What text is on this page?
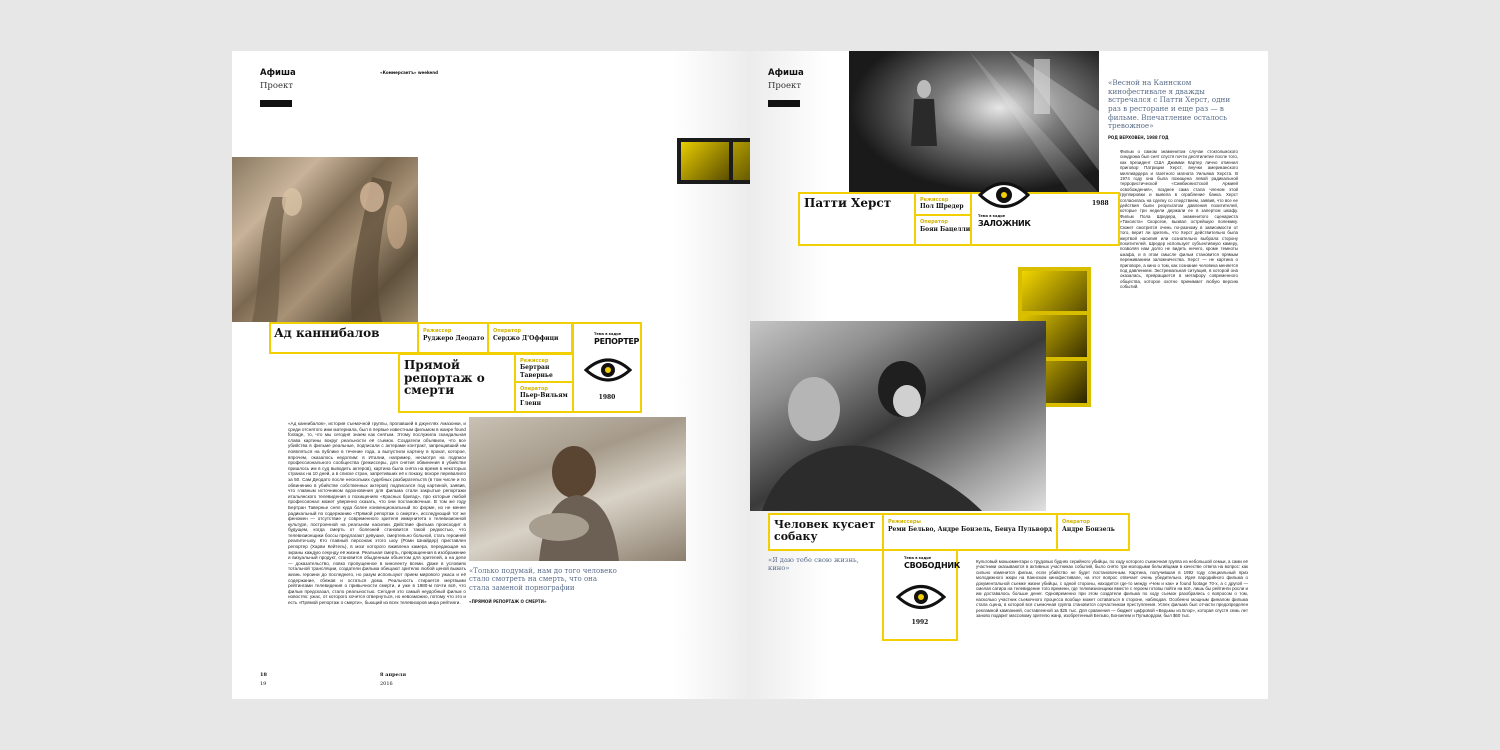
Афиша
Проект
«Коммерсантъ» weekend
Ад каннибалов	Режиссер
Руджеро Деодато
Оператор
Серджо Д'Оффици
Прямой репортаж о смерти
Режиссер
Бертран Тавернье
Оператор
Пьер-Вильям Гленн
Тема в кадре
РЕПОРТЕР
1980
«Ад каннибалов», история съемочной группы, пропавшей в джунглях Амазонки, и среди отснятого ими материала, был в первые известным фильмом в жанре found footage, то, что мы сегодня знаем как снятым. Этому послужила скандальная слава картины вокруг реальности её съемок. Создатели объявили, что все убийства в фильме реальные, подписали с актерами контракт, запрещавший им появляться на публике в течение года, а выпустили картину в прокат, которое, впрочем, оказалось недолгим: в Италии, например, несмотря на подписи профессионального сообщества (режиссеры, для снятия обвинения в убийстве пришлось им в суд выводить актеров), картина была снята на время в некоторых странах на 10 дней, а в списке стран, запретивших её к показу, вскоре перевалило за 50. Сам Деодато после нескольких судебных разбирательств (в том числе и по обвинению в убийстве собственных актеров) подписался под картиной, заявив, что главным источником вдохновения для фильма стали закрытые репортажи итальянского телевидения о похищениях «Красных бригад», про которые любой профессионал может уверенно сказать, что они постановочные. В том же году Бертран Тавернье снял куда более конвенциональный по форме, но не менее радикальный по содержанию «Прямой репортаж о смерти», исследующий тот же феномен — отсутствие у современного зрителя иммунитета к телевизионной культуре, построенной на реальном насилии. Действие фильма происходит в будущем, когда смерть от болезней становится такой редкостью, что телевизионщики боссы предлагают девушке, смертельно больной, стать героиней реалити-шоу. Кто главный персонаж этого шоу (Роми Шнайдер) приставлен репортер (Харви Кейтель), в мозг которого вживлена камера, передающая на экраны каждую секунду её жизни. Реальная смерть, превращенная в изображение и визуальный продукт, становится обыденным объектом для зрителей, а на деле — доказательство, ловко пропущенное в киноленту всеми. Даже в условиях тотальной трансляции, создатели фильма обещают зрителю любой ценой выжать жизнь героини до последнего, но разум используют прием мирового ужаса и её содержание, сбежав и остаться дома. Реальность стирается мертвыми рейтингами телевидения о привычности смерти, и уже в 1980-м почти всё, что фильм предсказал, стало реальностью. Сегодня это самый неудобный фильм о новостях: ужас, от которого хочется отвернуться, но невозможно, потому что это и есть «Прямой репортаж о смерти», бьющий из всех телевизоров мира рейтинги.
«Только подумай, нам до того человеко стало смотреть на смерть, что она стала заменой порнографии
«ПРЯМОЙ РЕПОРТАЖ О СМЕРТИ»
18
19
8 апреля
2016
Афиша
Проект	«Весной на Каннском кинофестивале я дважды встречался с Патти Херст, одни раз в ресторане и еще раз — в фильме. Впечатление осталось тревожное»
РОД ВЕРХОВЕН, 1988 ГОД
Патти Херст	Режиссер
Пол Шредер
Оператор
Боян Бацелли
Тема в кадре
ЗАЛОЖНИК
1988
Фильм о самом знаменитом случае стокгольмского синдрома был снят спустя почти десятилетие после того, как президент США Джимми Картер лично отменил приговор Патриции Херст, внучки американского миллиардера и газетного магната Уильяма Херста. В 1974 году она была похищена левой радикальной террористической «Симбионистской Армией освобождения», позднее сама стала членом этой группировки и вывела в ограбление банка. Херст согласилась на сделку со следствием, заявив, что все ее действия были результатом давления похитителей, которые три недели держали ее в запертом шкафу. Фильм Пола Шредера, знаменитого сценариста «Таксиста» Скорсезе, вызвал острейшую полемику. Сюжет смотрится очень по-разному в зависимости от того, верит ли зритель, что Херст действительно была жертвой насилия или сознательно выбрала сторону похитителей. Шредер использует субъективную камеру, позволяя нам долго не видеть ничего, кроме темноты шкафа, и в этом смысле фильм становится прямым переживанием заложничества. Херст — не картина о приговоре, а кино о том, как сознание человека меняется под давлением. Экстремальная ситуация, в которой она оказалась, превращается в метафору современного общества, которое охотно принимает любую версию событий.
Человек кусает собаку
Режиссеры
Реми Бельво, Андре Бонзель, Бенуа Пульворд
Оператор
Андре Бонзель
Тема в кадре
СВОБОДНИК
1992
«Я даю тебе свою жизнь, кино»
Культовый мокьюментари о трудовых буднях серийного убийцы, по ходу которого съемочная группа из небольшой семьи, а сами её участники оказываются в активных участниках событий, было снято три молодыми бельгийцами в качестве ответа на вопрос: как сильно изменится фильм, если убийство не будет постановочным. Картина, получившая в 1992 году специальный приз молодежного жюри на Каннском кинофестивале, на этот вопрос отвечает очень убедительно. Идея пародийного фильма о документальной съемке жизни убийцы, с одной стороны, находится где-то между «Чем и как» и found footage 70-х, а с другой — смелая сатира на телевидение того времени, где телевизионщики вместе с героем готовы пойти на всё, лишь бы рейтинги росли и им доставалось больше денег. Одновременно при этом создатели фильма по ходу съемок разобрались с вопросом о том, насколько участник съемочного процесса вообще может оставаться в стороне, наблюдая. Особенно мощным финалом фильма стала сцена, в которой вся съемочная группа становится соучастником преступления. Успех фильма был отчасти предопределен рекламной кампанией, составленной за $25 тыс. Для сравнения — бюджет цифровой «Ведьмы из Блэр», которая спустя семь лет заново подарит массовому зрителю жанр, изобретенный Бельво, Бонзелем и Пульвордом, был $60 тыс.
